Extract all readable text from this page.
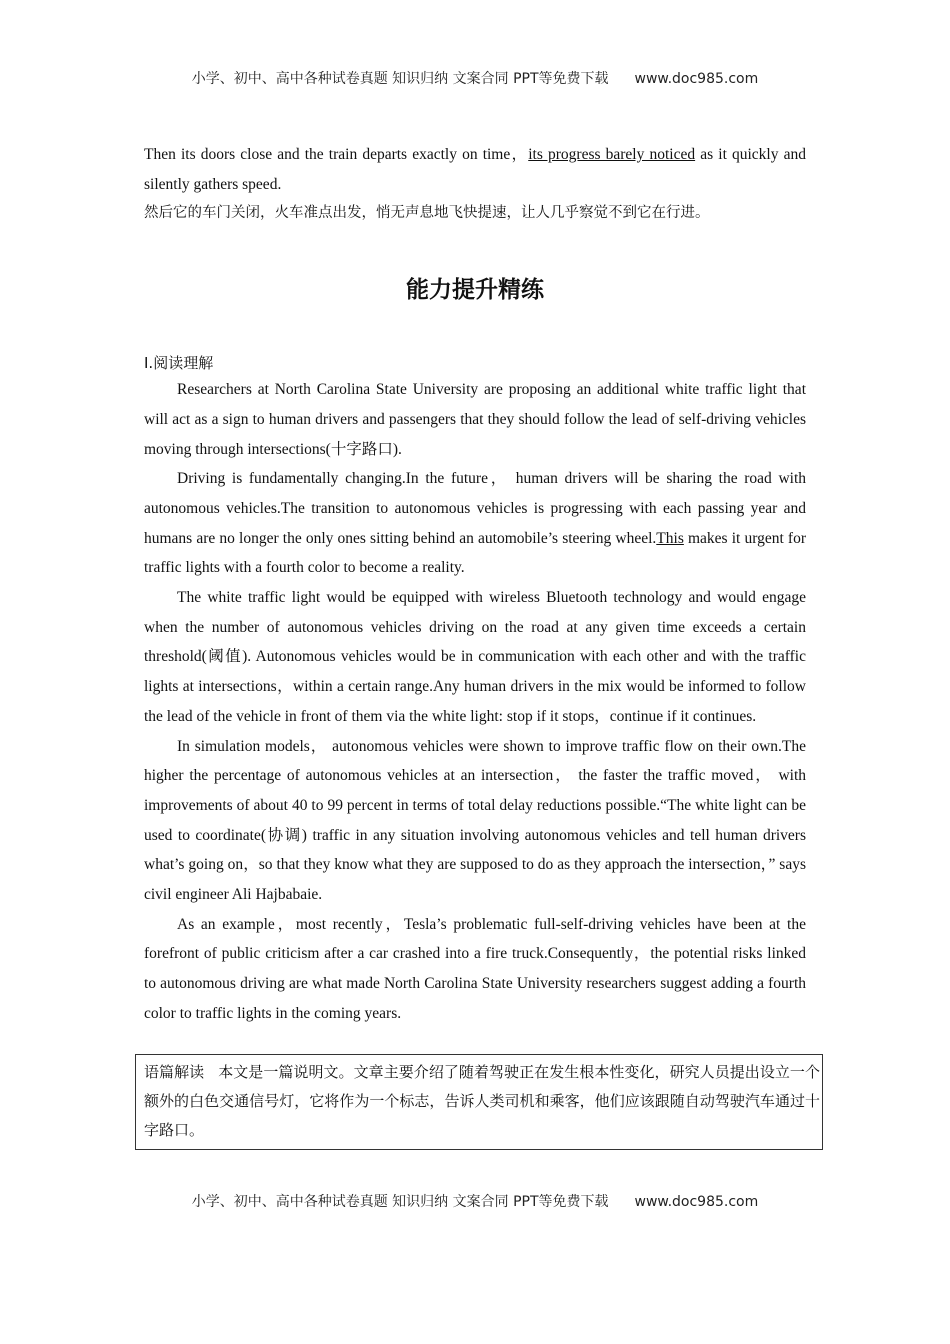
小学、初中、高中各种试卷真题 知识归纳 文案合同 PPT等免费下载 www.doc985.com

Then its doors close and the train departs exactly on time，its progress barely noticed as it quickly and silently gathers speed.

然后它的车门关闭，火车准点出发，悄无声息地飞快提速，让人几乎察觉不到它在行进。

能力提升精练
Ⅰ.阅读理解

Researchers at North Carolina State University are proposing an additional white traffic light that will act as a sign to human drivers and passengers that they should follow the lead of self-driving vehicles moving through intersections(十字路口).

Driving is fundamentally changing.In the future， human drivers will be sharing the road with autonomous vehicles.The transition to autonomous vehicles is progressing with each passing year and humans are no longer the only ones sitting behind an automobile’s steering wheel.This makes it urgent for traffic lights with a fourth color to become a reality.

The white traffic light would be equipped with wireless Bluetooth technology and would engage when the number of autonomous vehicles driving on the road at any given time exceeds a certain threshold(阈值). Autonomous vehicles would be in communication with each other and with the traffic lights at intersections，within a certain range.Any human drivers in the mix would be informed to follow the lead of the vehicle in front of them via the white light: stop if it stops，continue if it continues.

In simulation models， autonomous vehicles were shown to improve traffic flow on their own.The higher the percentage of autonomous vehicles at an intersection， the faster the traffic moved， with improvements of about 40 to 99 percent in terms of total delay reductions possible.“The white light can be used to coordinate(协调) traffic in any situation involving autonomous vehicles and tell human drivers what’s going on，so that they know what they are supposed to do as they approach the intersection，” says civil engineer Ali Hajbabaie.

As an example，most recently，Tesla’s problematic full-self-driving vehicles have been at the forefront of public criticism after a car crashed into a fire truck.Consequently，the potential risks linked to autonomous driving are what made North Carolina State University researchers suggest adding a fourth color to traffic lights in the coming years.

语篇解读 本文是一篇说明文。文章主要介绍了随着驾驶正在发生根本性变化，研究人员提出设立一个额外的白色交通信号灯，它将作为一个标志，告诉人类司机和乘客，他们应该跟随自动驾驶汽车通过十字路口。
小学、初中、高中各种试卷真题 知识归纳 文案合同 PPT等免费下载 www.doc985.com
